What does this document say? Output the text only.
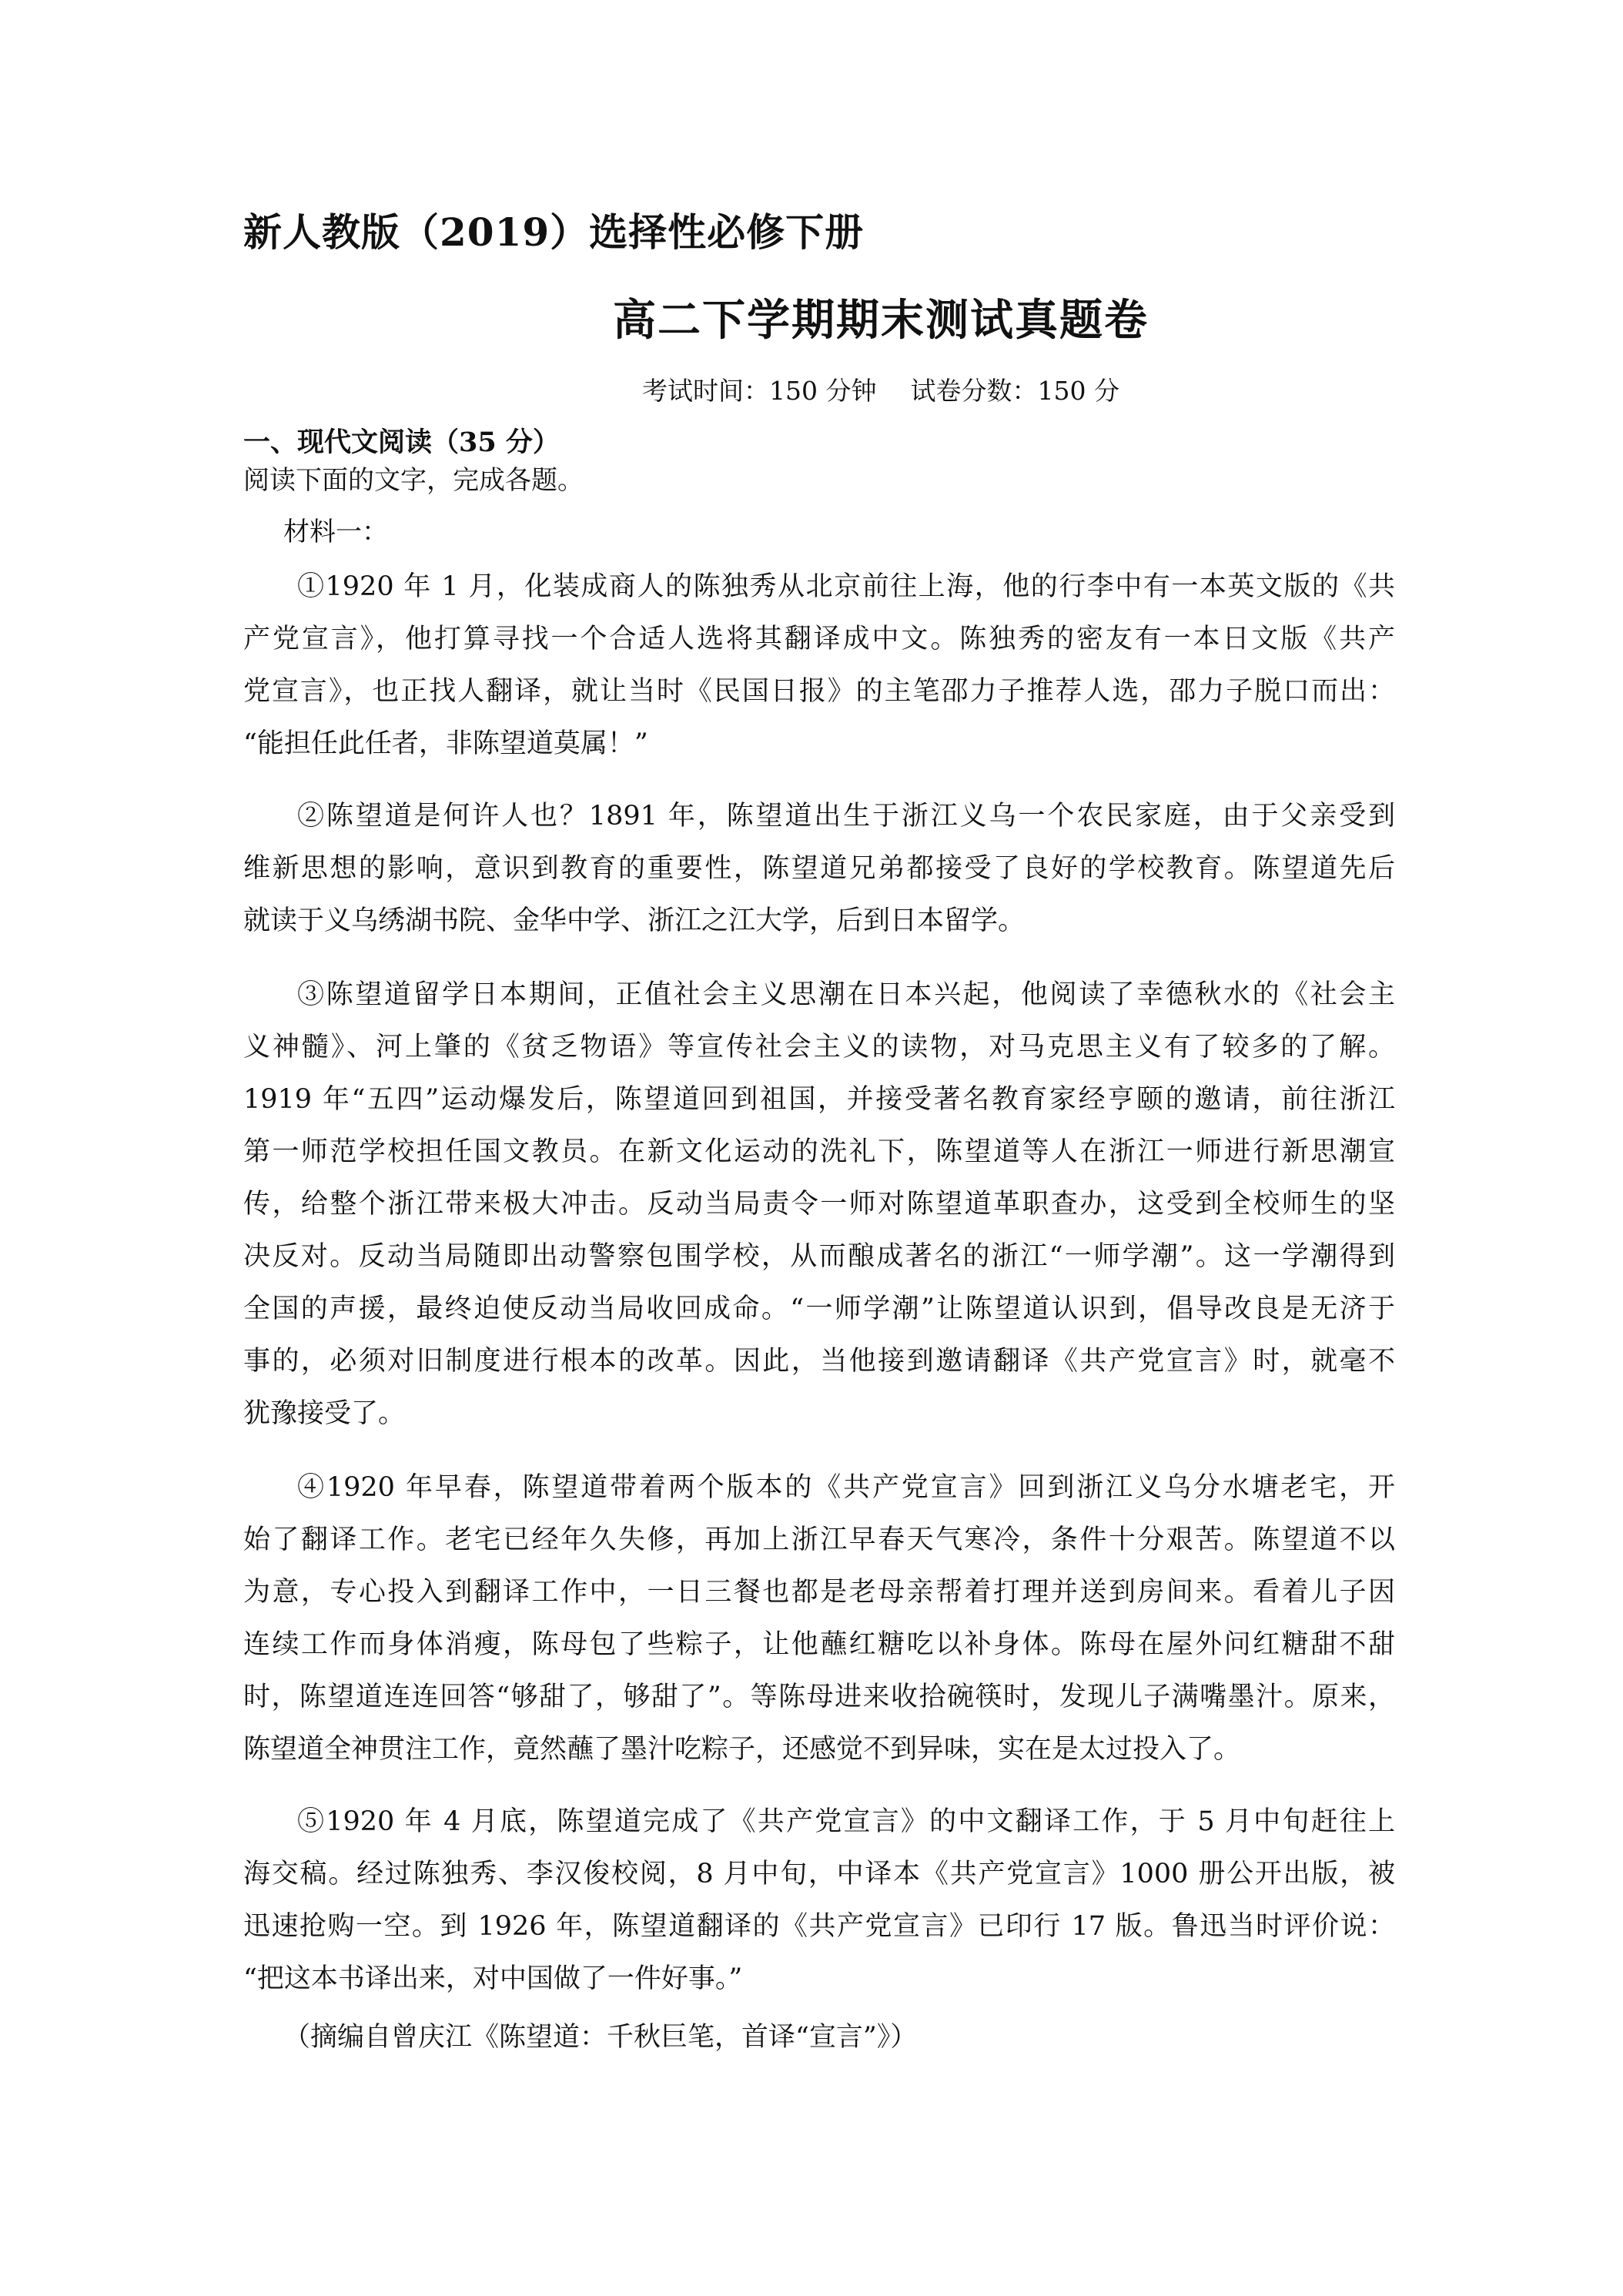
新人教版（2019）选择性必修下册
高二下学期期末测试真题卷
考试时间：150 分钟 试卷分数：150 分
一、现代文阅读（35 分）
阅读下面的文字，完成各题。
材料一：
①1920 年 1 月，化装成商人的陈独秀从北京前往上海，他的行李中有一本英文版的《共
产党宣言》，他打算寻找一个合适人选将其翻译成中文。陈独秀的密友有一本日文版《共产
党宣言》，也正找人翻译，就让当时《民国日报》的主笔邵力子推荐人选，邵力子脱口而出：
“能担任此任者，非陈望道莫属！”
②陈望道是何许人也？1891 年，陈望道出生于浙江义乌一个农民家庭，由于父亲受到
维新思想的影响，意识到教育的重要性，陈望道兄弟都接受了良好的学校教育。陈望道先后
就读于义乌绣湖书院、金华中学、浙江之江大学，后到日本留学。
③陈望道留学日本期间，正值社会主义思潮在日本兴起，他阅读了幸德秋水的《社会主
义神髓》、河上肇的《贫乏物语》等宣传社会主义的读物，对马克思主义有了较多的了解。
1919 年“五四”运动爆发后，陈望道回到祖国，并接受著名教育家经亨颐的邀请，前往浙江
第一师范学校担任国文教员。在新文化运动的洗礼下，陈望道等人在浙江一师进行新思潮宣
传，给整个浙江带来极大冲击。反动当局责令一师对陈望道革职查办，这受到全校师生的坚
决反对。反动当局随即出动警察包围学校，从而酿成著名的浙江“一师学潮”。这一学潮得到
全国的声援，最终迫使反动当局收回成命。“一师学潮”让陈望道认识到，倡导改良是无济于
事的，必须对旧制度进行根本的改革。因此，当他接到邀请翻译《共产党宣言》时，就毫不
犹豫接受了。
④1920 年早春，陈望道带着两个版本的《共产党宣言》回到浙江义乌分水塘老宅，开
始了翻译工作。老宅已经年久失修，再加上浙江早春天气寒冷，条件十分艰苦。陈望道不以
为意，专心投入到翻译工作中，一日三餐也都是老母亲帮着打理并送到房间来。看着儿子因
连续工作而身体消瘦，陈母包了些粽子，让他蘸红糖吃以补身体。陈母在屋外问红糖甜不甜
时，陈望道连连回答“够甜了，够甜了”。等陈母进来收拾碗筷时，发现儿子满嘴墨汁。原来，
陈望道全神贯注工作，竟然蘸了墨汁吃粽子，还感觉不到异味，实在是太过投入了。
⑤1920 年 4 月底，陈望道完成了《共产党宣言》的中文翻译工作，于 5 月中旬赶往上
海交稿。经过陈独秀、李汉俊校阅，8 月中旬，中译本《共产党宣言》1000 册公开出版，被
迅速抢购一空。到 1926 年，陈望道翻译的《共产党宣言》已印行 17 版。鲁迅当时评价说：
“把这本书译出来，对中国做了一件好事。”
（摘编自曾庆江《陈望道：千秋巨笔，首译“宣言”》）
